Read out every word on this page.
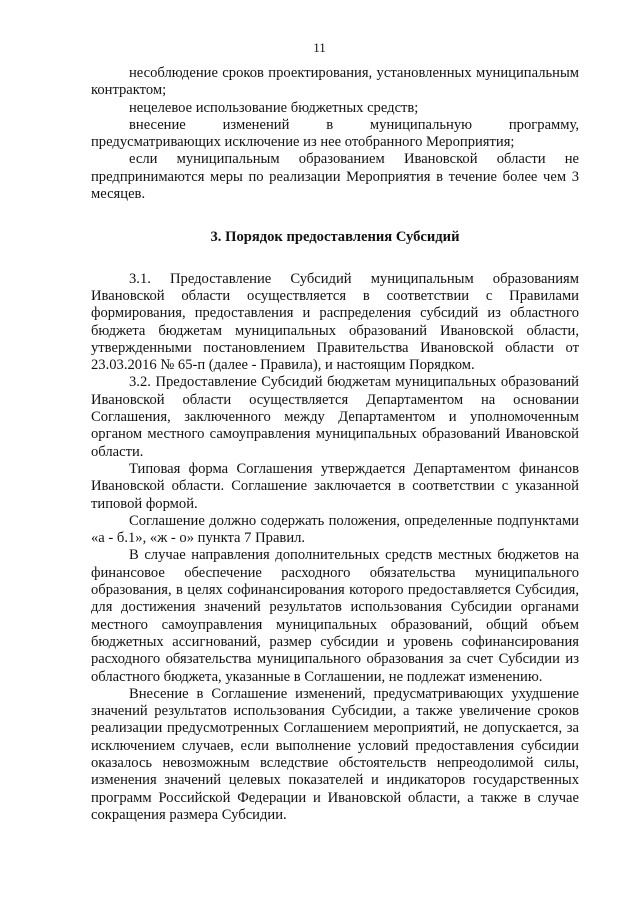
11

несоблюдение сроков проектирования, установленных муниципальным контрактом;

нецелевое использование бюджетных средств;

внесение изменений в муниципальную программу, предусматривающих исключение из нее отобранного Мероприятия;

если муниципальным образованием Ивановской области не предпринимаются меры по реализации Мероприятия в течение более чем 3 месяцев.

3. Порядок предоставления Субсидий

3.1. Предоставление Субсидий муниципальным образованиям Ивановской области осуществляется в соответствии с Правилами формирования, предоставления и распределения субсидий из областного бюджета бюджетам муниципальных образований Ивановской области, утвержденными постановлением Правительства Ивановской области от 23.03.2016 № 65-п (далее - Правила), и настоящим Порядком.

3.2. Предоставление Субсидий бюджетам муниципальных образований Ивановской области осуществляется Департаментом на основании Соглашения, заключенного между Департаментом и уполномоченным органом местного самоуправления муниципальных образований Ивановской области.

Типовая форма Соглашения утверждается Департаментом финансов Ивановской области. Соглашение заключается в соответствии с указанной типовой формой.

Соглашение должно содержать положения, определенные подпунктами «а - б.1», «ж - о» пункта 7 Правил.

В случае направления дополнительных средств местных бюджетов на финансовое обеспечение расходного обязательства муниципального образования, в целях софинансирования которого предоставляется Субсидия, для достижения значений результатов использования Субсидии органами местного самоуправления муниципальных образований, общий объем бюджетных ассигнований, размер субсидии и уровень софинансирования расходного обязательства муниципального образования за счет Субсидии из областного бюджета, указанные в Соглашении, не подлежат изменению.

Внесение в Соглашение изменений, предусматривающих ухудшение значений результатов использования Субсидии, а также увеличение сроков реализации предусмотренных Соглашением мероприятий, не допускается, за исключением случаев, если выполнение условий предоставления субсидии оказалось невозможным вследствие обстоятельств непреодолимой силы, изменения значений целевых показателей и индикаторов государственных программ Российской Федерации и Ивановской области, а также в случае сокращения размера Субсидии.
